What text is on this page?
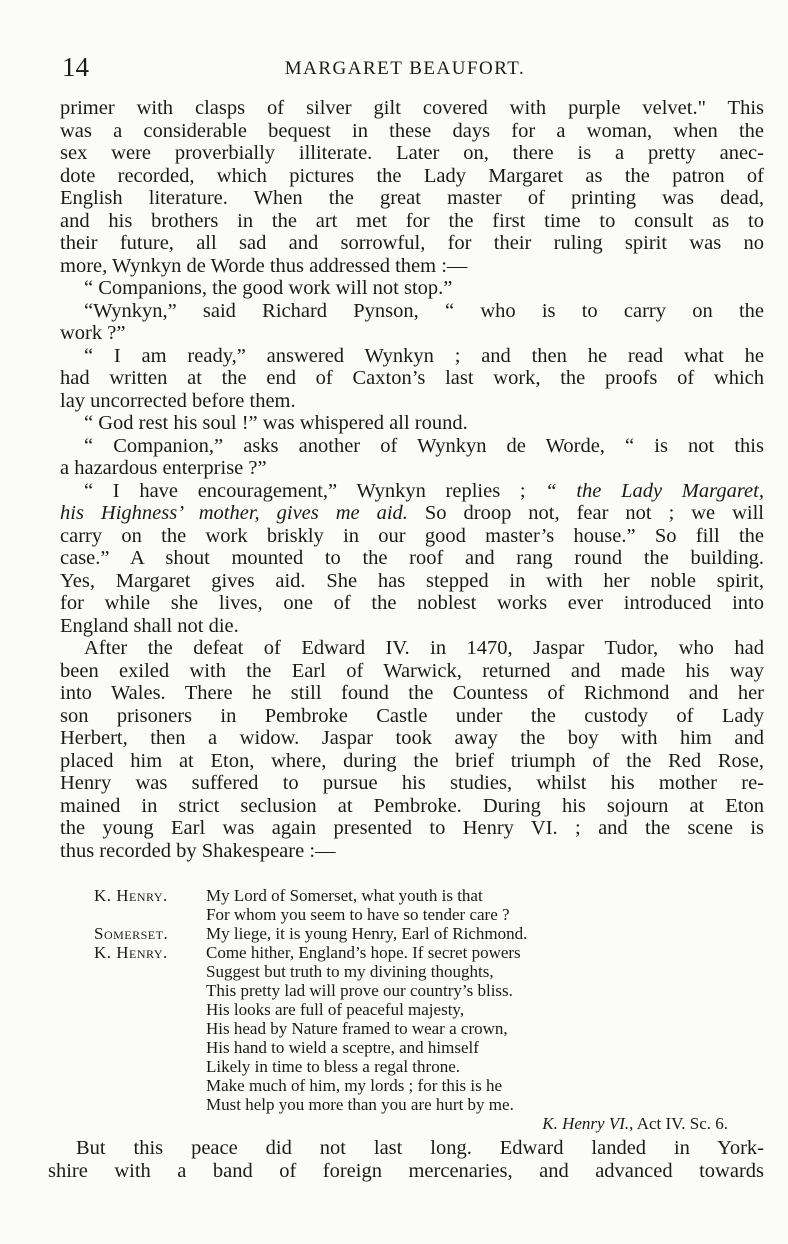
14	MARGARET BEAUFORT.
primer with clasps of silver gilt covered with purple velvet." This
was a considerable bequest in these days for a woman, when the
sex were proverbially illiterate. Later on, there is a pretty anec-
dote recorded, which pictures the Lady Margaret as the patron of
English literature. When the great master of printing was dead,
and his brothers in the art met for the first time to consult as to
their future, all sad and sorrowful, for their ruling spirit was no
more, Wynkyn de Worde thus addressed them :—
“ Companions, the good work will not stop.”
“Wynkyn,” said Richard Pynson, “ who is to carry on the
work ?”
“ I am ready,” answered Wynkyn ; and then he read what he
had written at the end of Caxton’s last work, the proofs of which
lay uncorrected before them.
“ God rest his soul !” was whispered all round.
“ Companion,” asks another of Wynkyn de Worde, “ is not this
a hazardous enterprise ?”
“ I have encouragement,” Wynkyn replies ; “ the Lady Margaret,
his Highness’ mother, gives me aid. So droop not, fear not ; we will
carry on the work briskly in our good master’s house.” So fill the
case.” A shout mounted to the roof and rang round the building.
Yes, Margaret gives aid. She has stepped in with her noble spirit,
for while she lives, one of the noblest works ever introduced into
England shall not die.
After the defeat of Edward IV. in 1470, Jaspar Tudor, who had
been exiled with the Earl of Warwick, returned and made his way
into Wales. There he still found the Countess of Richmond and her
son prisoners in Pembroke Castle under the custody of Lady
Herbert, then a widow. Jaspar took away the boy with him and
placed him at Eton, where, during the brief triumph of the Red Rose,
Henry was suffered to pursue his studies, whilst his mother re-
mained in strict seclusion at Pembroke. During his sojourn at Eton
the young Earl was again presented to Henry VI. ; and the scene is
thus recorded by Shakespeare :—
K. Henry. My Lord of Somerset, what youth is that
For whom you seem to have so tender care ?
Somerset. My liege, it is young Henry, Earl of Richmond.
K. Henry. Come hither, England’s hope. If secret powers
Suggest but truth to my divining thoughts,
This pretty lad will prove our country’s bliss.
His looks are full of peaceful majesty,
His head by Nature framed to wear a crown,
His hand to wield a sceptre, and himself
Likely in time to bless a regal throne.
Make much of him, my lords ; for this is he
Must help you more than you are hurt by me.
K. Henry VI., Act IV. Sc. 6.
But this peace did not last long. Edward landed in York-
shire with a band of foreign mercenaries, and advanced towards
